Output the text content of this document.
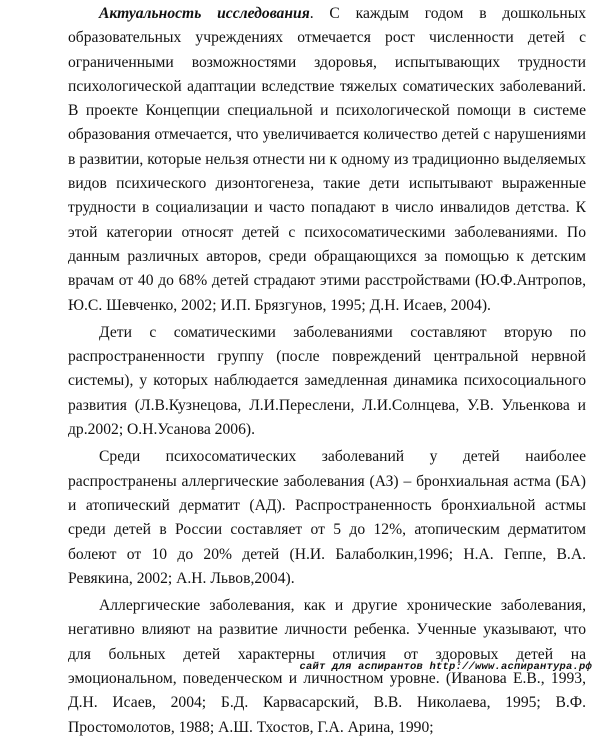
Актуальность исследования. С каждым годом в дошкольных образовательных учреждениях отмечается рост численности детей с ограниченными возможностями здоровья, испытывающих трудности психологической адаптации вследствие тяжелых соматических заболеваний. В проекте Концепции специальной и психологической помощи в системе образования отмечается, что увеличивается количество детей с нарушениями в развитии, которые нельзя отнести ни к одному из традиционно выделяемых видов психического дизонтогенеза, такие дети испытывают выраженные трудности в социализации и часто попадают в число инвалидов детства. К этой категории относят детей с психосоматическими заболеваниями. По данным различных авторов, среди обращающихся за помощью к детским врачам от 40 до 68% детей страдают этими расстройствами (Ю.Ф.Антропов, Ю.С. Шевченко, 2002; И.П. Брязгунов, 1995; Д.Н. Исаев, 2004).

Дети с соматическими заболеваниями составляют вторую по распространенности группу (после повреждений центральной нервной системы), у которых наблюдается замедленная динамика психосоциального развития (Л.В.Кузнецова, Л.И.Переслени, Л.И.Солнцева, У.В. Ульенкова и др.2002; О.Н.Усанова 2006).

Среди психосоматических заболеваний у детей наиболее распространены аллергические заболевания (АЗ) – бронхиальная астма (БА) и атопический дерматит (АД). Распространенность бронхиальной астмы среди детей в России составляет от 5 до 12%, атопическим дерматитом болеют от 10 до 20% детей (Н.И. Балаболкин,1996; Н.А. Геппе, В.А. Ревякина, 2002; А.Н. Львов,2004).

Аллергические заболевания, как и другие хронические заболевания, негативно влияют на развитие личности ребенка. Ученные указывают, что для больных детей характерны отличия от здоровых детей на эмоциональном, поведенческом и личностном уровне. (Иванова Е.В., 1993, Д.Н. Исаев, 2004; Б.Д. Карвасарский, В.В. Николаева, 1995; В.Ф. Простомолотов, 1988; А.Ш. Тхостов, Г.А. Арина, 1990;

сайт для аспирантов http://www.аспирантура.рф
